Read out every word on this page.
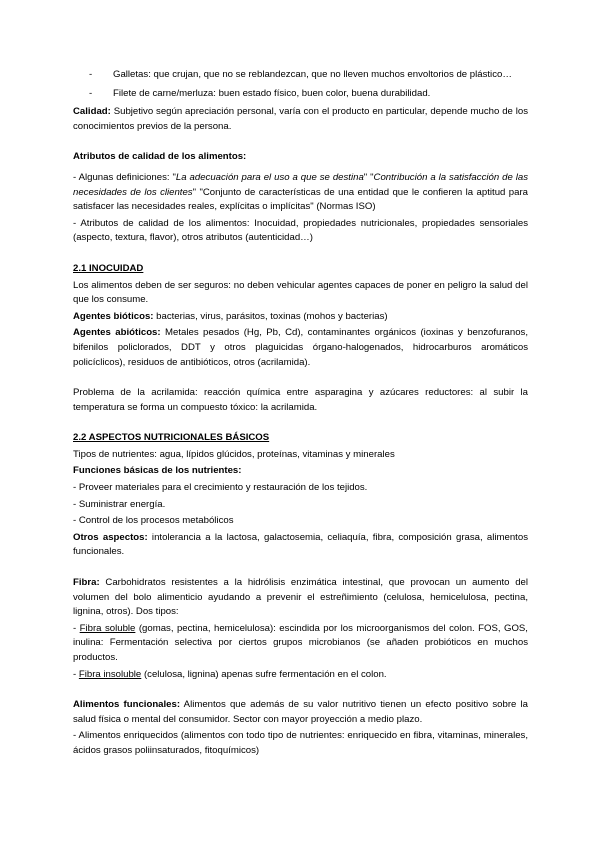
-	Galletas: que crujan, que no se reblandezcan, que no lleven muchos envoltorios de plástico…
-	Filete de carne/merluza: buen estado físico, buen color, buena durabilidad.

Calidad: Subjetivo según apreciación personal, varía con el producto en particular, depende mucho de los conocimientos previos de la persona.

Atributos de calidad de los alimentos:

- Algunas definiciones: "La adecuación para el uso a que se destina" "Contribución a la satisfacción de las necesidades de los clientes" "Conjunto de características de una entidad que le confieren la aptitud para satisfacer las necesidades reales, explícitas o implícitas" (Normas ISO)

- Atributos de calidad de los alimentos: Inocuidad, propiedades nutricionales, propiedades sensoriales (aspecto, textura, flavor), otros atributos (autenticidad…)

2.1 INOCUIDAD

Los alimentos deben de ser seguros: no deben vehicular agentes capaces de poner en peligro la salud del que los consume.

Agentes bióticos: bacterias, virus, parásitos, toxinas (mohos y bacterias)

Agentes abióticos: Metales pesados (Hg, Pb, Cd), contaminantes orgánicos (ioxinas y benzofuranos, bifenilos policlorados, DDT y otros plaguicidas órgano-halogenados, hidrocarburos aromáticos policíclicos), residuos de antibióticos, otros (acrilamida).

Problema de la acrilamida: reacción química entre asparagina y azúcares reductores: al subir la temperatura se forma un compuesto tóxico: la acrilamida.

2.2 ASPECTOS NUTRICIONALES BÁSICOS

Tipos de nutrientes: agua, lípidos glúcidos, proteínas, vitaminas y minerales

Funciones básicas de los nutrientes:

- Proveer materiales para el crecimiento y restauración de los tejidos.

- Suministrar energía.

- Control de los procesos metabólicos

Otros aspectos: intolerancia a la lactosa, galactosemia, celiaquía, fibra, composición grasa, alimentos funcionales.

Fibra: Carbohidratos resistentes a la hidrólisis enzimática intestinal, que provocan un aumento del volumen del bolo alimenticio ayudando a prevenir el estreñimiento (celulosa, hemicelulosa, pectina, lignina, otros). Dos tipos:

- Fibra soluble (gomas, pectina, hemicelulosa): escindida por los microorganismos del colon. FOS, GOS, inulina: Fermentación selectiva por ciertos grupos microbianos (se añaden probióticos en muchos productos.

- Fibra insoluble (celulosa, lignina) apenas sufre fermentación en el colon.

Alimentos funcionales: Alimentos que además de su valor nutritivo tienen un efecto positivo sobre la salud física o mental del consumidor. Sector con mayor proyección a medio plazo.

- Alimentos enriquecidos (alimentos con todo tipo de nutrientes: enriquecido en fibra, vitaminas, minerales, ácidos grasos poliinsaturados, fitoquímicos)
